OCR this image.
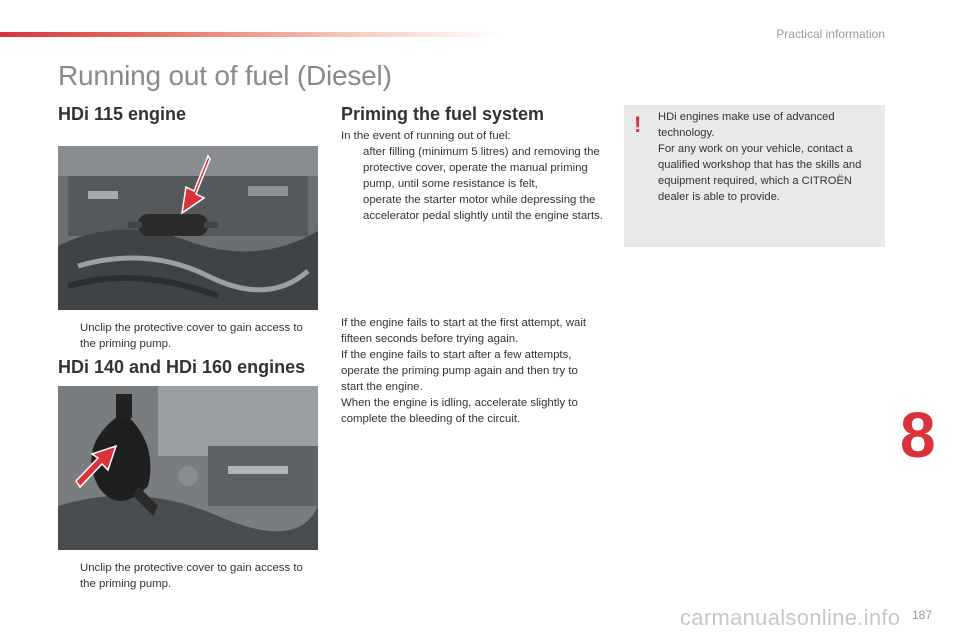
Practical information
Running out of fuel (Diesel)
HDi 115 engine
Unclip the protective cover to gain access to the priming pump.
HDi 140 and HDi 160 engines
Unclip the protective cover to gain access to the priming pump.
Priming the fuel system
In the event of running out of fuel:
after filling (minimum 5 litres) and removing the protective cover, operate the manual priming pump, until some resistance is felt,
operate the starter motor while depressing the accelerator pedal slightly until the engine starts.
If the engine fails to start at the first attempt, wait fifteen seconds before trying again.
If the engine fails to start after a few attempts, operate the priming pump again and then try to start the engine.
When the engine is idling, accelerate slightly to complete the bleeding of the circuit.
! HDi engines make use of advanced technology.
For any work on your vehicle, contact a qualified workshop that has the skills and equipment required, which a CITROËN dealer is able to provide.
8
carmanualsonline.info 187
